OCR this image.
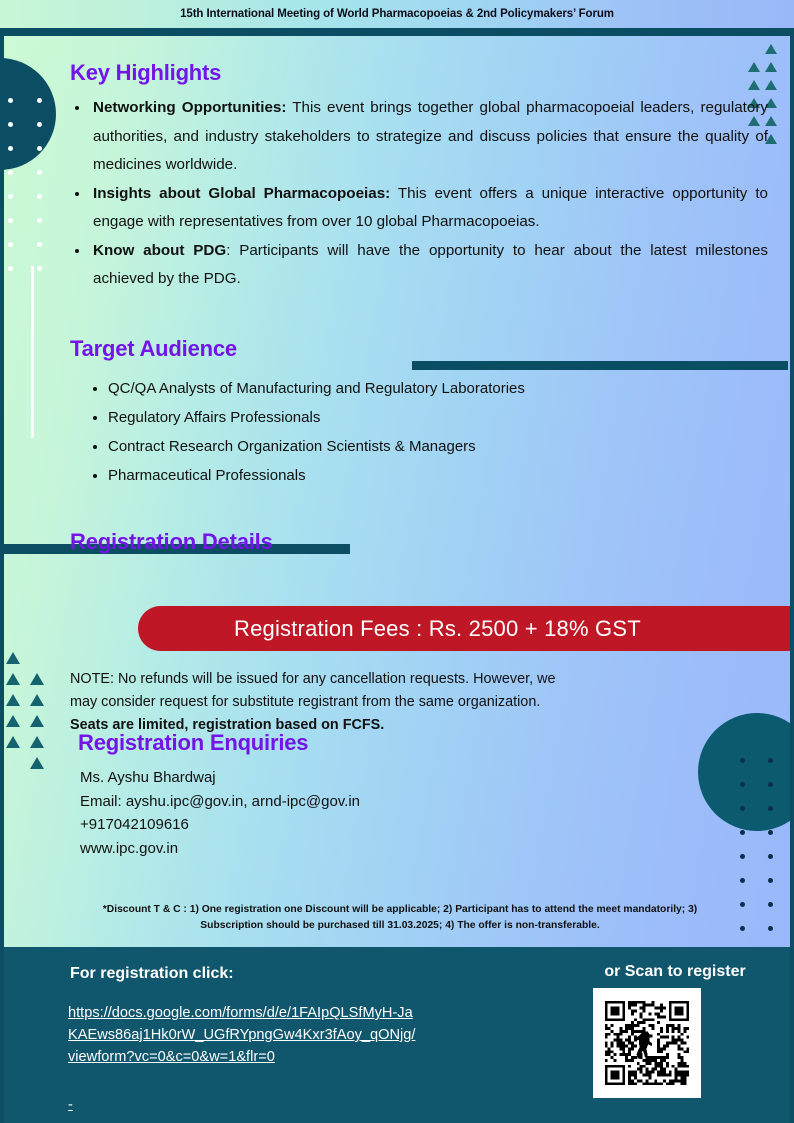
15th International Meeting of World Pharmacopoeias & 2nd Policymakers’ Forum
Key Highlights
• Networking Opportunities: This event brings together global pharmacopoeial leaders, regulatory authorities, and industry stakeholders to strategize and discuss policies that ensure the quality of medicines worldwide.
• Insights about Global Pharmacopoeias: This event offers a unique interactive opportunity to engage with representatives from over 10 global Pharmacopoeias.
• Know about PDG: Participants will have the opportunity to hear about the latest milestones achieved by the PDG.
Target Audience
• QC/QA Analysts of Manufacturing and Regulatory Laboratories
• Regulatory Affairs Professionals
• Contract Research Organization Scientists & Managers
• Pharmaceutical Professionals
Registration Details
Registration Fees : Rs. 2500 + 18% GST
NOTE: No refunds will be issued for any cancellation requests. However, we
may consider request for substitute registrant from the same organization.
Seats are limited, registration based on FCFS.
Registration Enquiries
Ms. Ayshu Bhardwaj
Email: ayshu.ipc@gov.in, arnd-ipc@gov.in
+917042109616
www.ipc.gov.in
*Discount T & C : 1) One registration one Discount will be applicable; 2) Participant has to attend the meet mandatorily; 3) Subscription should be purchased till 31.03.2025; 4) The offer is non-transferable.
For registration click:
https://docs.google.com/forms/d/e/1FAIpQLSfMyH-JaKAEws86aj1Hk0rW_UGfRYpngGw4Kxr3fAoy_qONjg/viewform?vc=0&c=0&w=1&flr=0
-
or Scan to register
